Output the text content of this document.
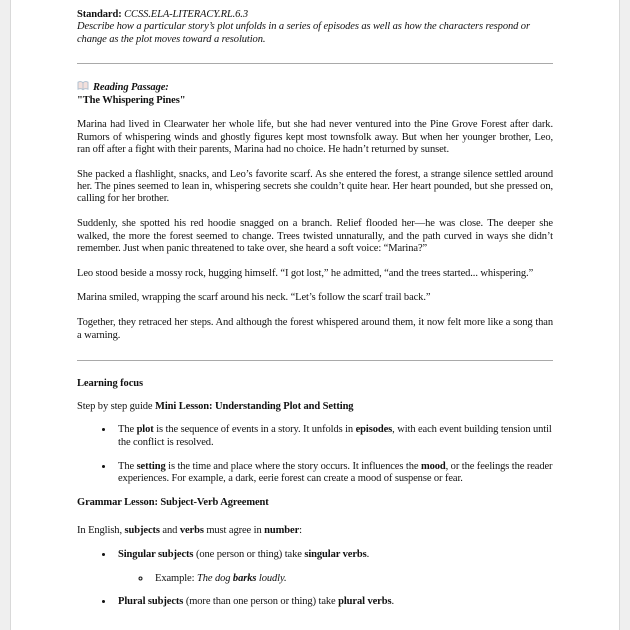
Standard: CCSS.ELA-LITERACY.RL.6.3

Describe how a particular story’s plot unfolds in a series of episodes as well as how the characters respond or change as the plot moves toward a resolution.

Reading Passage:

"The Whispering Pines"

Marina had lived in Clearwater her whole life, but she had never ventured into the Pine Grove Forest after dark. Rumors of whispering winds and ghostly figures kept most townsfolk away. But when her younger brother, Leo, ran off after a fight with their parents, Marina had no choice. He hadn’t returned by sunset.

She packed a flashlight, snacks, and Leo’s favorite scarf. As she entered the forest, a strange silence settled around her. The pines seemed to lean in, whispering secrets she couldn’t quite hear. Her heart pounded, but she pressed on, calling for her brother.

Suddenly, she spotted his red hoodie snagged on a branch. Relief flooded her—he was close. The deeper she walked, the more the forest seemed to change. Trees twisted unnaturally, and the path curved in ways she didn’t remember. Just when panic threatened to take over, she heard a soft voice: “Marina?”

Leo stood beside a mossy rock, hugging himself. “I got lost,” he admitted, “and the trees started... whispering.”

Marina smiled, wrapping the scarf around his neck. “Let’s follow the scarf trail back.”

Together, they retraced her steps. And although the forest whispered around them, it now felt more like a song than a warning.

Learning focus

Step by step guide Mini Lesson: Understanding Plot and Setting

• The plot is the sequence of events in a story. It unfolds in episodes, with each event building tension until the conflict is resolved.
• The setting is the time and place where the story occurs. It influences the mood, or the feelings the reader experiences. For example, a dark, eerie forest can create a mood of suspense or fear.

Grammar Lesson: Subject-Verb Agreement

In English, subjects and verbs must agree in number:

• Singular subjects (one person or thing) take singular verbs.
◦ Example: The dog barks loudly.
• Plural subjects (more than one person or thing) take plural verbs.
